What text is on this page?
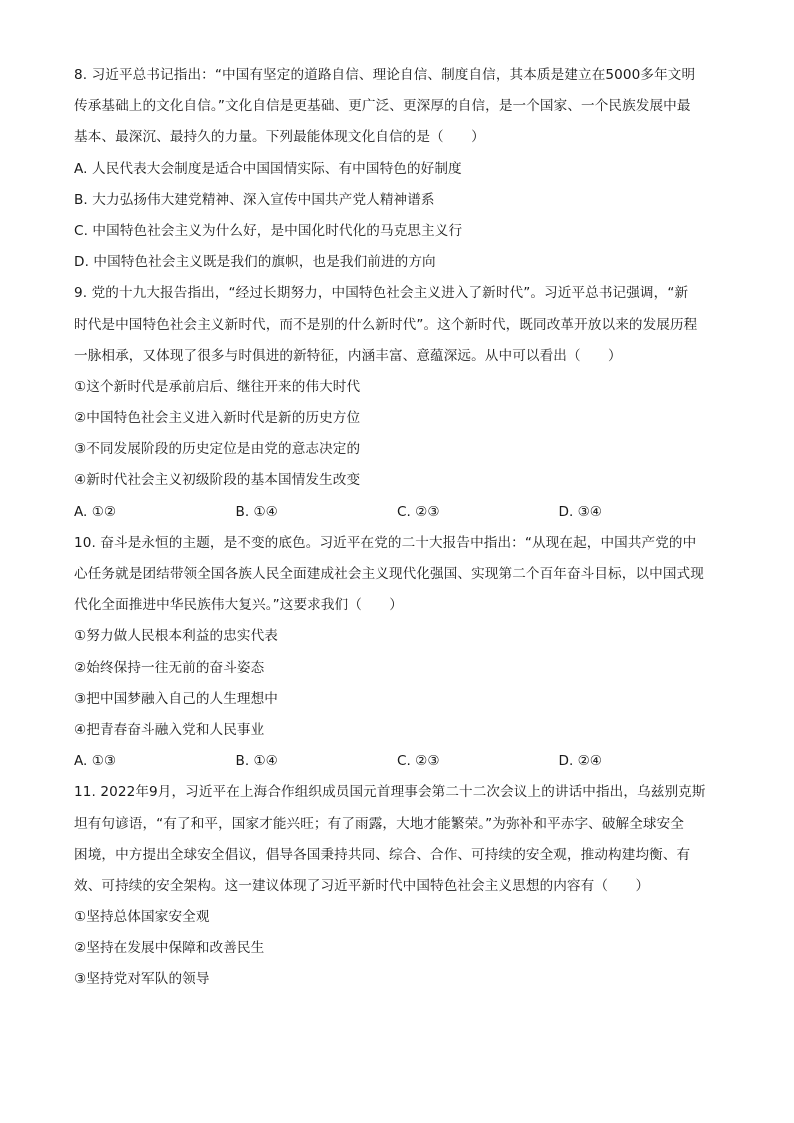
8. 习近平总书记指出：“中国有坚定的道路自信、理论自信、制度自信，其本质是建立在5000多年文明
传承基础上的文化自信。”文化自信是更基础、更广泛、更深厚的自信，是一个国家、一个民族发展中最
基本、最深沉、最持久的力量。下列最能体现文化自信的是（　　）
A. 人民代表大会制度是适合中国国情实际、有中国特色的好制度
B. 大力弘扬伟大建党精神、深入宣传中国共产党人精神谱系
C. 中国特色社会主义为什么好，是中国化时代化的马克思主义行
D. 中国特色社会主义既是我们的旗帜，也是我们前进的方向
9. 党的十九大报告指出，“经过长期努力，中国特色社会主义进入了新时代”。习近平总书记强调，“新
时代是中国特色社会主义新时代，而不是别的什么新时代”。这个新时代，既同改革开放以来的发展历程
一脉相承，又体现了很多与时俱进的新特征，内涵丰富、意蕴深远。从中可以看出（　　）
①这个新时代是承前启后、继往开来的伟大时代
②中国特色社会主义进入新时代是新的历史方位
③不同发展阶段的历史定位是由党的意志决定的
④新时代社会主义初级阶段的基本国情发生改变
A. ①②	B. ①④	C. ②③	D. ③④
10. 奋斗是永恒的主题，是不变的底色。习近平在党的二十大报告中指出：“从现在起，中国共产党的中
心任务就是团结带领全国各族人民全面建成社会主义现代化强国、实现第二个百年奋斗目标，以中国式现
代化全面推进中华民族伟大复兴。”这要求我们（　　）
①努力做人民根本利益的忠实代表
②始终保持一往无前的奋斗姿态
③把中国梦融入自己的人生理想中
④把青春奋斗融入党和人民事业
A. ①③	B. ①④	C. ②③	D. ②④
11. 2022年9月，习近平在上海合作组织成员国元首理事会第二十二次会议上的讲话中指出，乌兹别克斯
坦有句谚语，“有了和平，国家才能兴旺；有了雨露，大地才能繁荣。”为弥补和平赤字、破解全球安全
困境，中方提出全球安全倡议，倡导各国秉持共同、综合、合作、可持续的安全观，推动构建均衡、有
效、可持续的安全架构。这一建议体现了习近平新时代中国特色社会主义思想的内容有（　　）
①坚持总体国家安全观
②坚持在发展中保障和改善民生
③坚持党对军队的领导
